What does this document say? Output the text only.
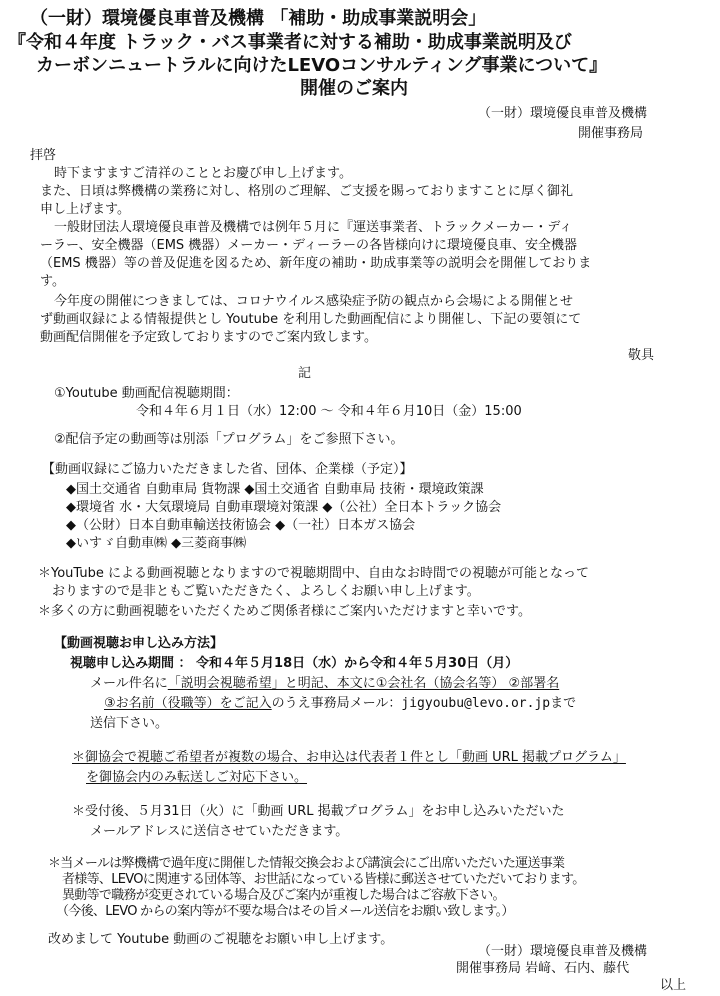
（一財）環境優良車普及機構 「補助・助成事業説明会」
『令和４年度 トラック・バス事業者に対する補助・助成事業説明及び
カーボンニュートラルに向けたLEVOコンサルティング事業について』
開催のご案内
（一財）環境優良車普及機構
開催事務局
拝啓
時下ますますご清祥のこととお慶び申し上げます。
また、日頃は弊機構の業務に対し、格別のご理解、ご支援を賜っておりますことに厚く御礼
申し上げます。
一般財団法人環境優良車普及機構では例年５月に『運送事業者、トラックメーカー・ディ
ーラー、安全機器（EMS 機器）メーカー・ディーラーの各皆様向けに環境優良車、安全機器
（EMS 機器）等の普及促進を図るため、新年度の補助・助成事業等の説明会を開催しておりま
す。
今年度の開催につきましては、コロナウイルス感染症予防の観点から会場による開催とせ
ず動画収録による情報提供とし Youtube を利用した動画配信により開催し、下記の要領にて
動画配信開催を予定致しておりますのでご案内致します。
敬具
記
①Youtube 動画配信視聴期間：
令和４年６月１日（水）12:00 ～ 令和４年６月10日（金）15:00
②配信予定の動画等は別添「プログラム」をご参照下さい。
【動画収録にご協力いただきました省、団体、企業様（予定）】
◆国土交通省 自動車局 貨物課 ◆国土交通省 自動車局 技術・環境政策課
◆環境省 水・大気環境局 自動車環境対策課 ◆（公社）全日本トラック協会
◆（公財）日本自動車輸送技術協会 ◆（一社）日本ガス協会
◆いすゞ自動車㈱ ◆三菱商事㈱
＊YouTube による動画視聴となりますので視聴期間中、自由なお時間での視聴が可能となって
おりますので是非ともご覧いただきたく、よろしくお願い申し上げます。
＊多くの方に動画視聴をいただくためご関係者様にご案内いただけますと幸いです。
【動画視聴お申し込み方法】
視聴申し込み期間 ： 令和４年５月18日（水）から令和４年５月30日（月）
メール件名に「説明会視聴希望」と明記、本文に①会社名（協会名等） ②部署名
③お名前（役職等）をご記入のうえ事務局メール：jigyoubu@levo.or.jpまで
送信下さい。
＊御協会で視聴ご希望者が複数の場合、お申込は代表者１件とし「動画 URL 掲載プログラム」
を御協会内のみ転送しご対応下さい。
＊受付後、５月31日（火）に「動画 URL 掲載プログラム」をお申し込みいただいた
メールアドレスに送信させていただきます。
＊当メールは弊機構で過年度に開催した情報交換会および講演会にご出席いただいた運送事業
者様等、LEVOに関連する団体等、お世話になっている皆様に郵送させていただいております。
異動等で職務が変更されている場合及びご案内が重複した場合はご容赦下さい。
（今後、LEVO からの案内等が不要な場合はその旨メール送信をお願い致します。）
改めまして Youtube 動画のご視聴をお願い申し上げます。
（一財）環境優良車普及機構
開催事務局 岩﨑、石内、藤代
以上
